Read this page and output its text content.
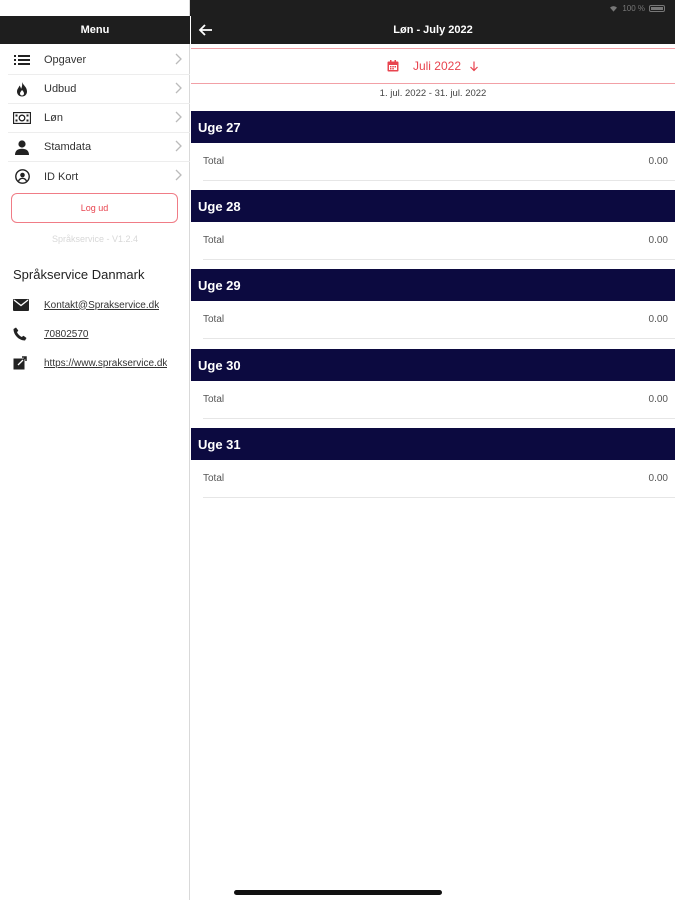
100 %
Menu
Opgaver
Udbud
Løn
Stamdata
ID Kort
Log ud
Språkservice - V1.2.4
Språkservice Danmark
Kontakt@Sprakservice.dk
70802570
https://www.sprakservice.dk
Løn - July 2022
Juli 2022
1. jul. 2022 - 31. jul. 2022
Uge 27
Total	0.00
Uge 28
Total	0.00
Uge 29
Total	0.00
Uge 30
Total	0.00
Uge 31
Total	0.00
